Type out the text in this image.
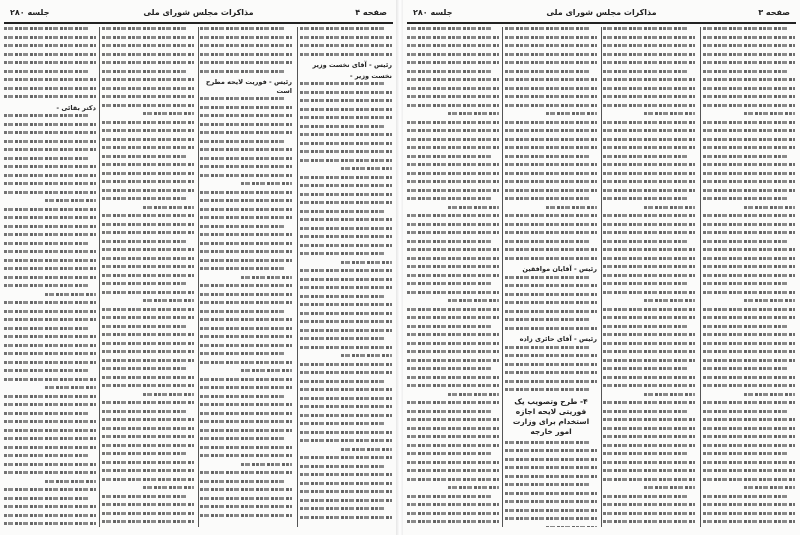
صفحه ۴
مذاکرات مجلس شورای ملی
جلسه ۲۸۰
رئیس - آقای نخست وزیر
نخست وزیر -
رئیس - فوریت لایحه مطرح است
دکتر بقائی -
صفحه ۳
مذاکرات مجلس شورای ملی
جلسه ۲۸۰
رئیس - آقایان موافقین
رئیس - آقای حائری زاده
۴- طرح وتصویب یک فوریتی لایحه اجازه استخدام برای وزارت امور خارجه
